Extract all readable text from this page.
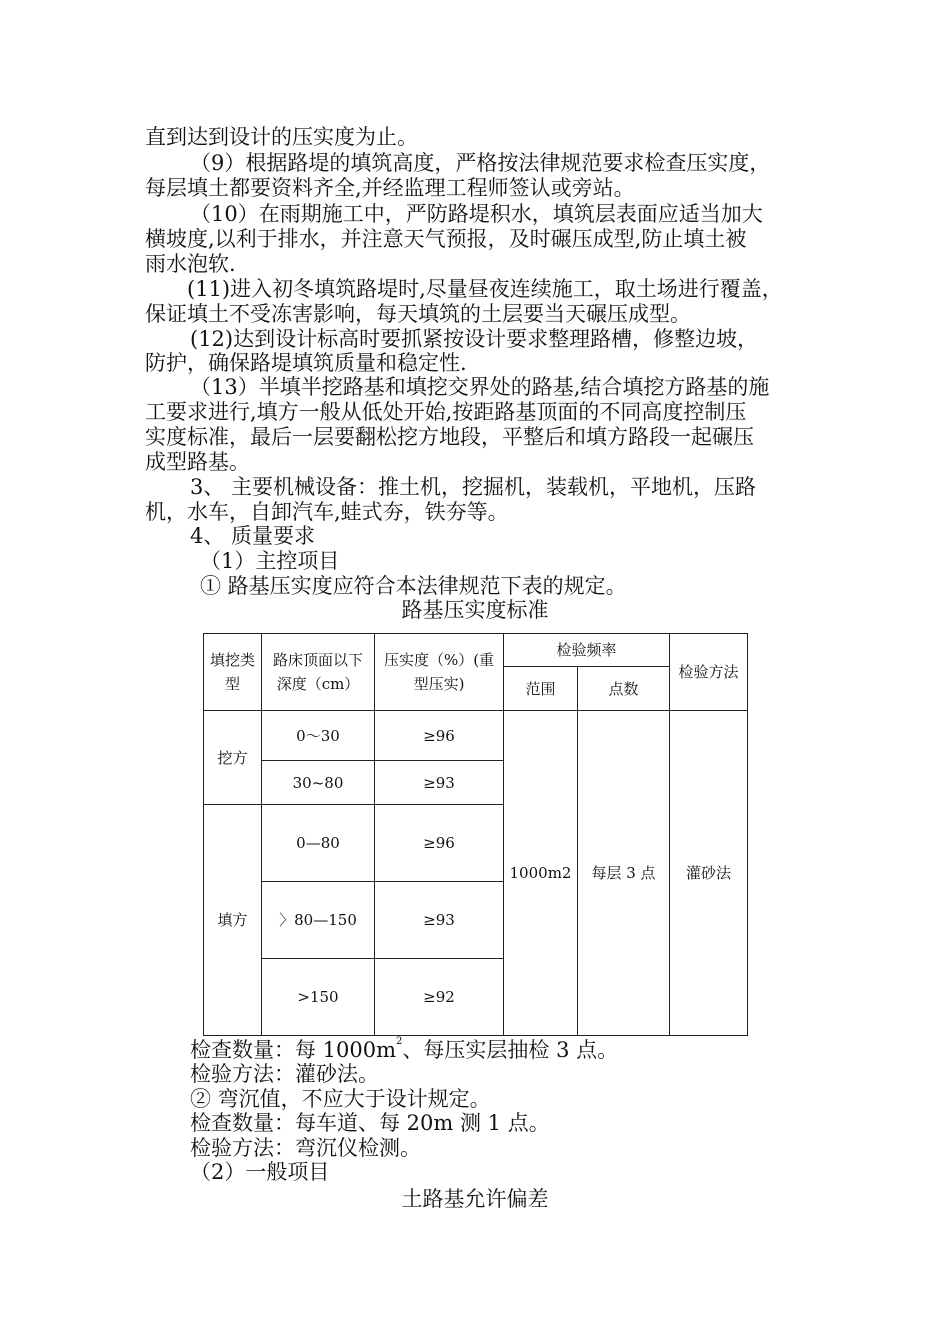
直到达到设计的压实度为止。
（9）根据路堤的填筑高度，严格按法律规范要求检查压实度，
每层填土都要资料齐全,并经监理工程师签认或旁站。
（10）在雨期施工中，严防路堤积水，填筑层表面应适当加大
横坡度,以利于排水，并注意天气预报，及时碾压成型,防止填土被
雨水泡软.
(11)进入初冬填筑路堤时,尽量昼夜连续施工，取土场进行覆盖，
保证填土不受冻害影响，每天填筑的土层要当天碾压成型。
(12)达到设计标高时要抓紧按设计要求整理路槽，修整边坡，
防护，确保路堤填筑质量和稳定性.
（13）半填半挖路基和填挖交界处的路基,结合填挖方路基的施
工要求进行,填方一般从低处开始,按距路基顶面的不同高度控制压
实度标准，最后一层要翻松挖方地段，平整后和填方路段一起碾压
成型路基。
3、 主要机械设备：推土机，挖掘机，装载机，平地机，压路
机，水车，自卸汽车,蛙式夯，铁夯等。
4、 质量要求
（1）主控项目
① 路基压实度应符合本法律规范下表的规定。
路基压实度标准
填挖类型	路床顶面以下深度（cm）	压实度（%）(重型压实)	检验频率		检验方法
			范围	点数	
挖方	0～30	≥96	1000m2	每层 3 点	灌砂法
	30~80	≥93			
填方	0—80	≥96			
	〉80—150	≥93			
	>150	≥92			
检查数量：每 $1000m^2$、每压实层抽检 3 点。
检验方法：灌砂法。
② 弯沉值，不应大于设计规定。
检查数量：每车道、每 20m 测 1 点。
检验方法：弯沉仪检测。
（2）一般项目
土路基允许偏差
